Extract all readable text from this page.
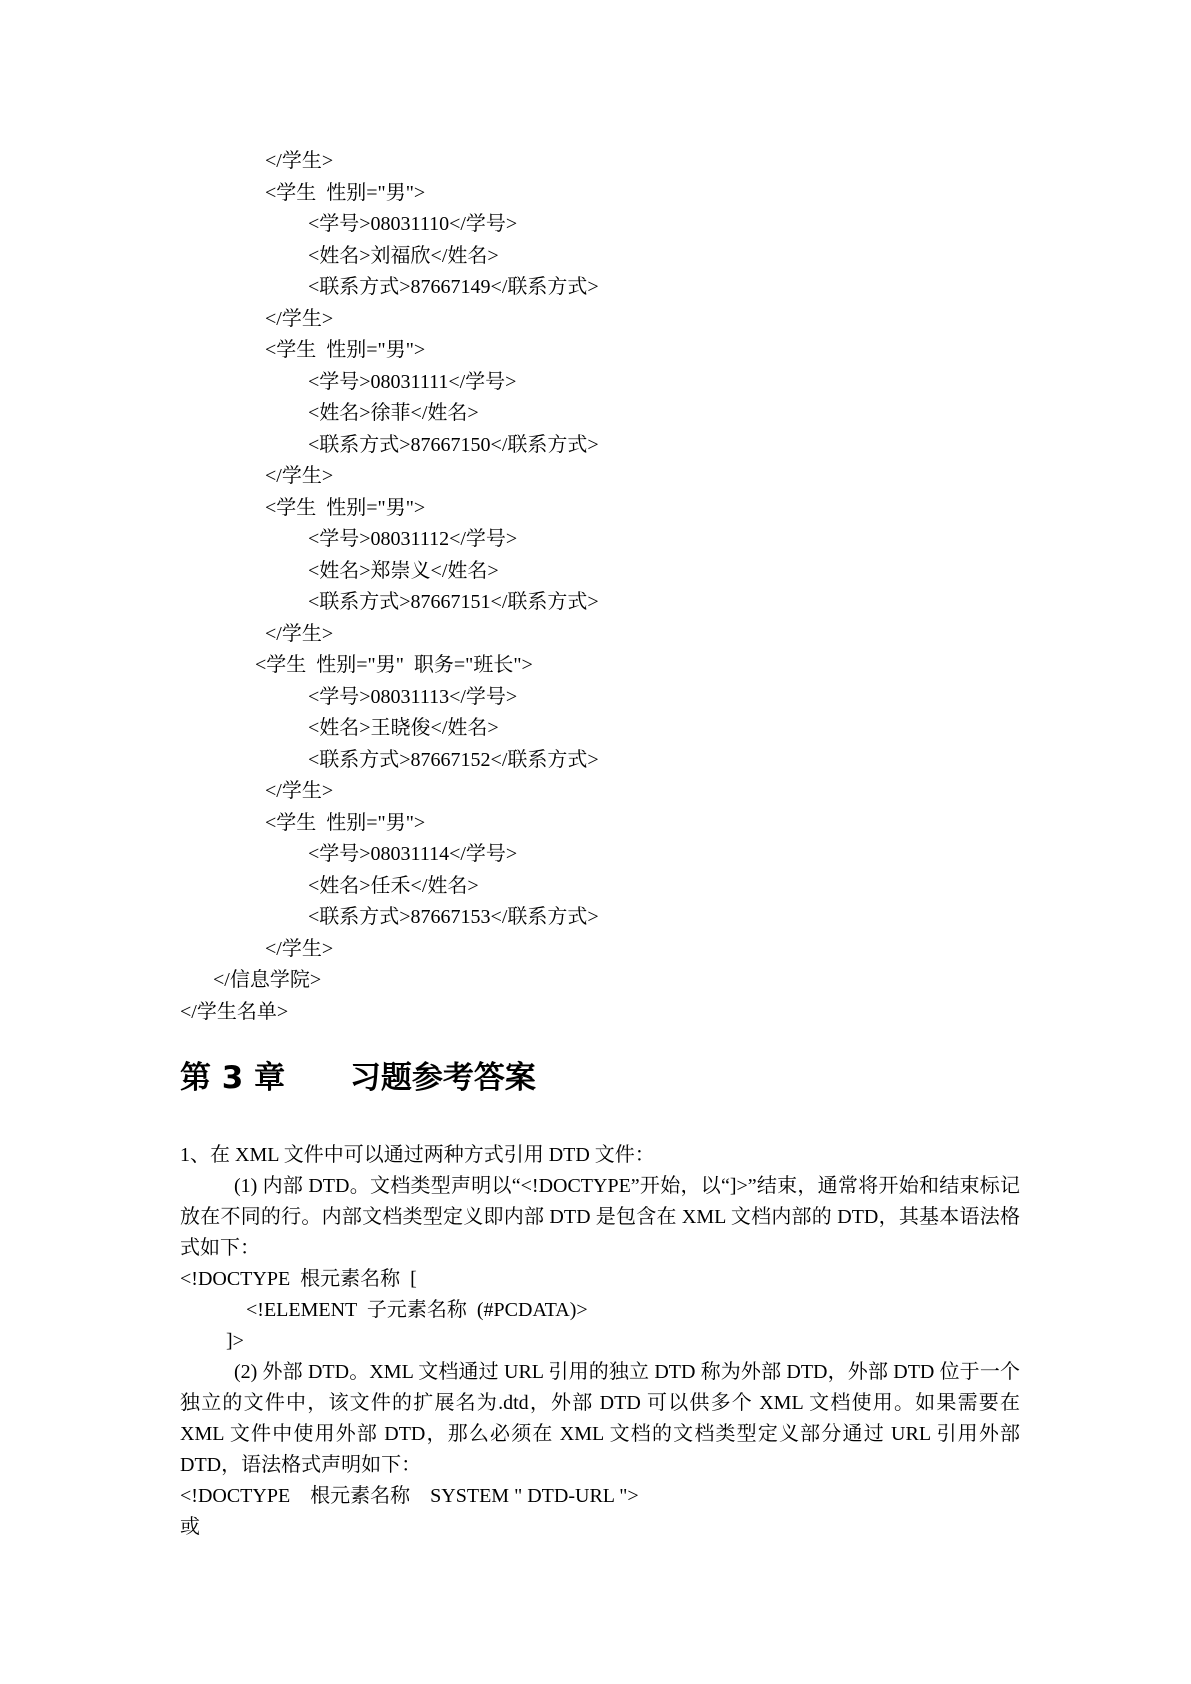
</学生>
<学生  性别="男">
<学号>08031110</学号>
<姓名>刘福欣</姓名>
<联系方式>87667149</联系方式>
</学生>
<学生  性别="男">
<学号>08031111</学号>
<姓名>徐菲</姓名>
<联系方式>87667150</联系方式>
</学生>
<学生  性别="男">
<学号>08031112</学号>
<姓名>郑崇义</姓名>
<联系方式>87667151</联系方式>
</学生>
<学生  性别="男"  职务="班长">
<学号>08031113</学号>
<姓名>王晓俊</姓名>
<联系方式>87667152</联系方式>
</学生>
<学生  性别="男">
<学号>08031114</学号>
<姓名>任禾</姓名>
<联系方式>87667153</联系方式>
</学生>
</信息学院>
</学生名单>
第 3 章      习题参考答案
1、在 XML 文件中可以通过两种方式引用 DTD 文件：
(1) 内部 DTD。文档类型声明以“<!DOCTYPE”开始，以“]>”结束，通常将开始和结束标记放在不同的行。内部文档类型定义即内部 DTD 是包含在 XML 文档内部的 DTD，其基本语法格式如下：
<!DOCTYPE  根元素名称  [
<!ELEMENT  子元素名称  (#PCDATA)>
]>
(2) 外部 DTD。XML 文档通过 URL 引用的独立 DTD 称为外部 DTD，外部 DTD 位于一个独立的文件中，该文件的扩展名为.dtd，外部 DTD 可以供多个 XML 文档使用。如果需要在 XML 文件中使用外部 DTD，那么必须在 XML 文档的文档类型定义部分通过 URL 引用外部 DTD，语法格式声明如下：
<!DOCTYPE    根元素名称    SYSTEM " DTD-URL ">
或
